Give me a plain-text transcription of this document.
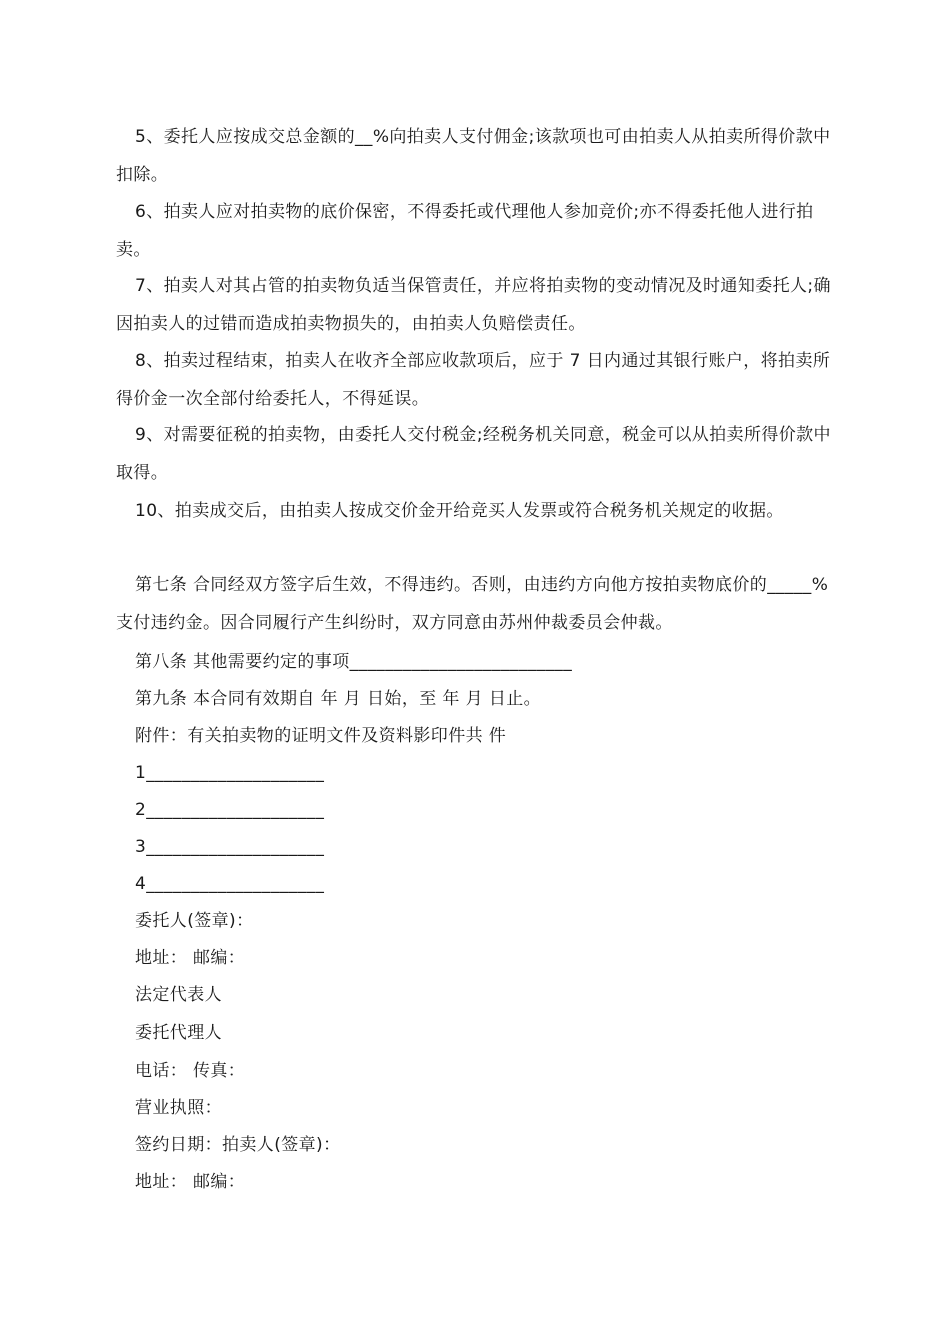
5、委托人应按成交总金额的__%向拍卖人支付佣金;该款项也可由拍卖人从拍卖所得价款中扣除。

6、拍卖人应对拍卖物的底价保密，不得委托或代理他人参加竞价;亦不得委托他人进行拍卖。

7、拍卖人对其占管的拍卖物负适当保管责任，并应将拍卖物的变动情况及时通知委托人;确因拍卖人的过错而造成拍卖物损失的，由拍卖人负赔偿责任。

8、拍卖过程结束，拍卖人在收齐全部应收款项后，应于 7 日内通过其银行账户，将拍卖所得价金一次全部付给委托人，不得延误。

9、对需要征税的拍卖物，由委托人交付税金;经税务机关同意，税金可以从拍卖所得价款中取得。

10、拍卖成交后，由拍卖人按成交价金开给竞买人发票或符合税务机关规定的收据。

第七条 合同经双方签字后生效，不得违约。否则，由违约方向他方按拍卖物底价的_____%支付违约金。因合同履行产生纠纷时，双方同意由苏州仲裁委员会仲裁。

第八条 其他需要约定的事项_________________________
第九条 本合同有效期自 年 月 日始，至 年 月 日止。
附件：有关拍卖物的证明文件及资料影印件共 件
1____________________
2____________________
3____________________
4____________________
委托人(签章)：
地址： 邮编：
法定代表人
委托代理人
电话： 传真：
营业执照：
签约日期：拍卖人(签章)：
地址： 邮编：
